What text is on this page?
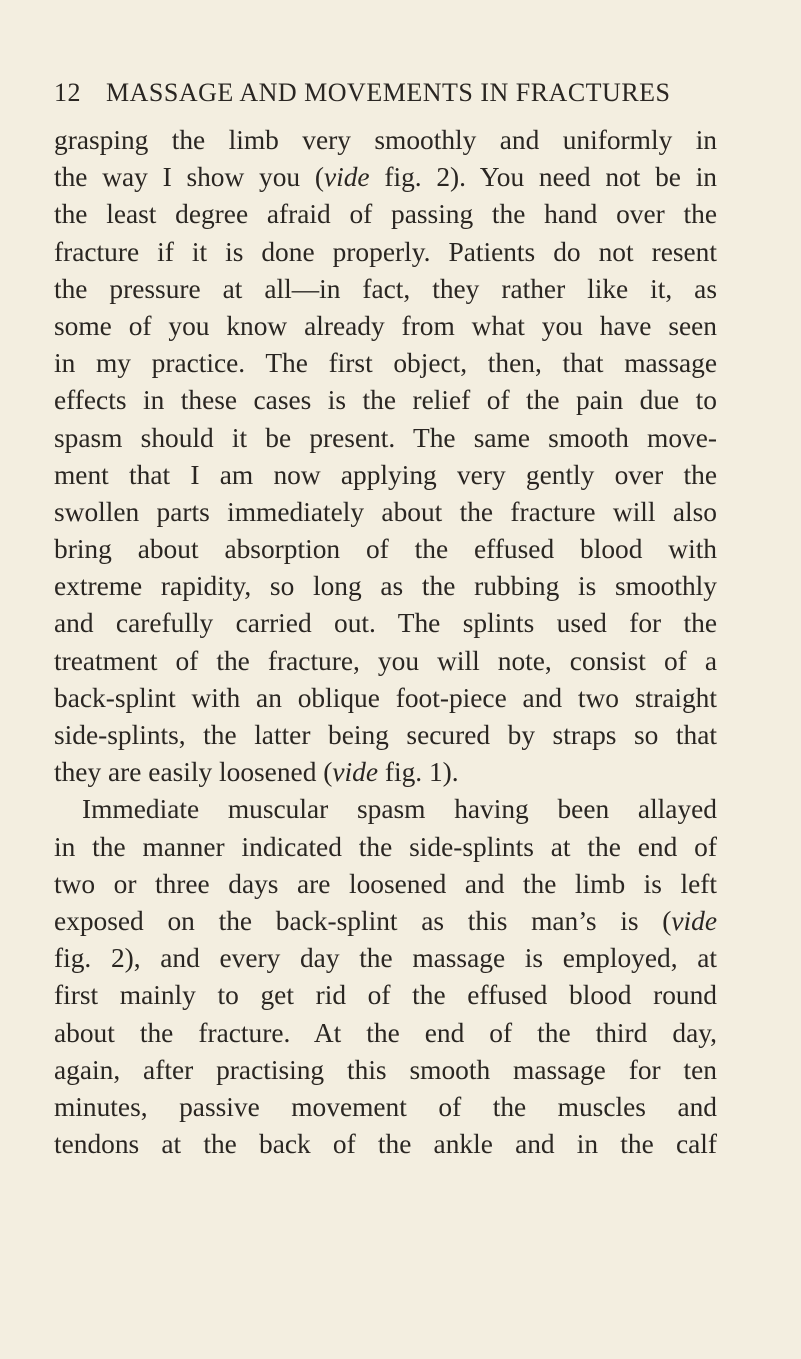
12 MASSAGE AND MOVEMENTS IN FRACTURES
grasping the limb very smoothly and uniformly in
the way I show you (vide fig. 2). You need not be in
the least degree afraid of passing the hand over the
fracture if it is done properly. Patients do not resent
the pressure at all—in fact, they rather like it, as
some of you know already from what you have seen
in my practice. The first object, then, that massage
effects in these cases is the relief of the pain due to
spasm should it be present. The same smooth move-
ment that I am now applying very gently over the
swollen parts immediately about the fracture will also
bring about absorption of the effused blood with
extreme rapidity, so long as the rubbing is smoothly
and carefully carried out. The splints used for the
treatment of the fracture, you will note, consist of a
back-splint with an oblique foot-piece and two straight
side-splints, the latter being secured by straps so that
they are easily loosened (vide fig. 1).
Immediate muscular spasm having been allayed
in the manner indicated the side-splints at the end of
two or three days are loosened and the limb is left
exposed on the back-splint as this man’s is (vide
fig. 2), and every day the massage is employed, at
first mainly to get rid of the effused blood round
about the fracture. At the end of the third day,
again, after practising this smooth massage for ten
minutes, passive movement of the muscles and
tendons at the back of the ankle and in the calf
